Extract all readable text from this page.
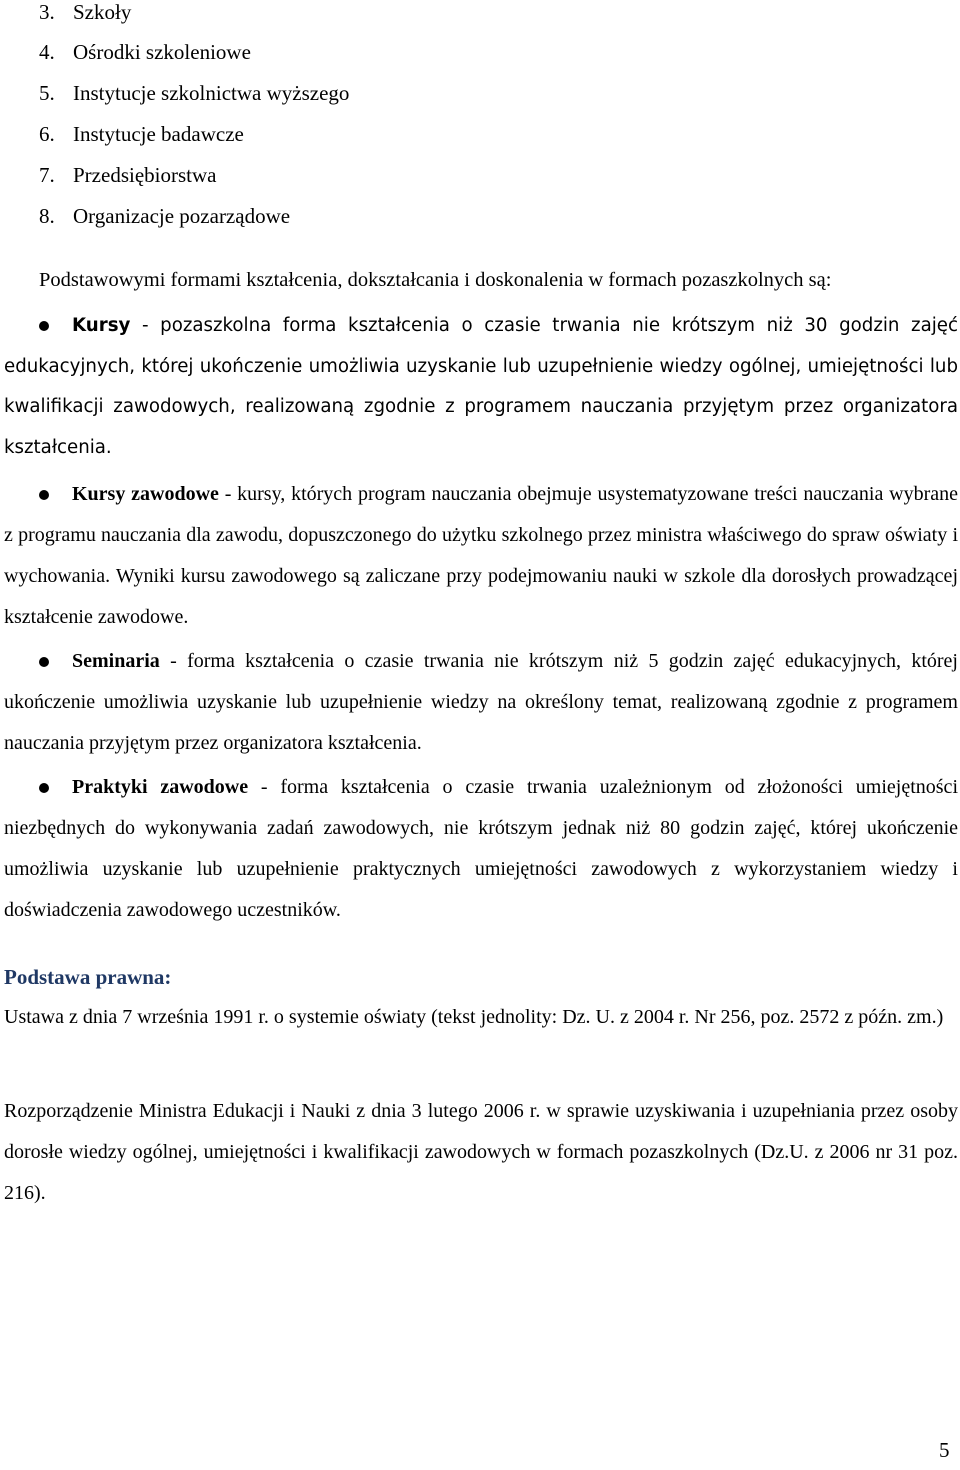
3. Szkoły
4. Ośrodki szkoleniowe
5. Instytucje szkolnictwa wyższego
6. Instytucje badawcze
7. Przedsiębiorstwa
8. Organizacje pozarządowe

Podstawowymi formami kształcenia, dokształcania i doskonalenia w formach pozaszkolnych są:

Kursy - pozaszkolna forma kształcenia o czasie trwania nie krótszym niż 30 godzin zajęć edukacyjnych, której ukończenie umożliwia uzyskanie lub uzupełnienie wiedzy ogólnej, umiejętności lub kwalifikacji zawodowych, realizowaną zgodnie z programem nauczania przyjętym przez organizatora kształcenia.

Kursy zawodowe - kursy, których program nauczania obejmuje usystematyzowane treści nauczania wybrane z programu nauczania dla zawodu, dopuszczonego do użytku szkolnego przez ministra właściwego do spraw oświaty i wychowania. Wyniki kursu zawodowego są zaliczane przy podejmowaniu nauki w szkole dla dorosłych prowadzącej kształcenie zawodowe.

Seminaria - forma kształcenia o czasie trwania nie krótszym niż 5 godzin zajęć edukacyjnych, której ukończenie umożliwia uzyskanie lub uzupełnienie wiedzy na określony temat, realizowaną zgodnie z programem nauczania przyjętym przez organizatora kształcenia.

Praktyki zawodowe - forma kształcenia o czasie trwania uzależnionym od złożoności umiejętności niezbędnych do wykonywania zadań zawodowych, nie krótszym jednak niż 80 godzin zajęć, której ukończenie umożliwia uzyskanie lub uzupełnienie praktycznych umiejętności zawodowych z wykorzystaniem wiedzy i doświadczenia zawodowego uczestników.

Podstawa prawna:

Ustawa z dnia 7 września 1991 r. o systemie oświaty (tekst jednolity: Dz. U. z 2004 r. Nr 256, poz. 2572 z późn. zm.)

Rozporządzenie Ministra Edukacji i Nauki z dnia 3 lutego 2006 r. w sprawie uzyskiwania i uzupełniania przez osoby dorosłe wiedzy ogólnej, umiejętności i kwalifikacji zawodowych w formach pozaszkolnych (Dz.U. z 2006 nr 31 poz. 216).

5
